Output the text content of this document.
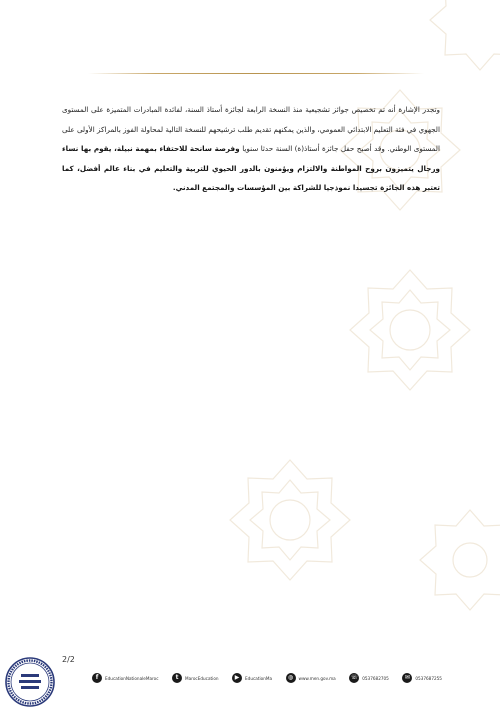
وتجدر الإشارة أنه تم تخصيص جوائز تشجيعية منذ النسخة الرابعة لجائزة أستاذ السنة، لفائدة المبادرات المتميزة على المستوى الجهوي في فئة التعليم الابتدائي العمومي، والذين يمكنهم تقديم طلب ترشيحهم للنسخة التالية لمحاولة الفوز بالمراكز الأولى على المستوى الوطني. وقد أصبح حفل جائزة أستاذ(ة) السنة حدثا سنويا وفرصة سانحة للاحتفاء بمهمة نبيلة، يقوم بها نساء ورجال يتميزون بروح المواطنة والالتزام ويؤمنون بالدور الحيوي للتربية والتعليم في بناء عالم أفضل، كما تعتبر هذه الجائزة تجسيدا نموذجيا للشراكة بين المؤسسات والمجتمع المدني.

2/2
f	EducationNationaleMaroc	t	MarocEducation	▶	EducationMa	◍	www.men.gov.ma ☏ 0537682705	✉	0537687255
